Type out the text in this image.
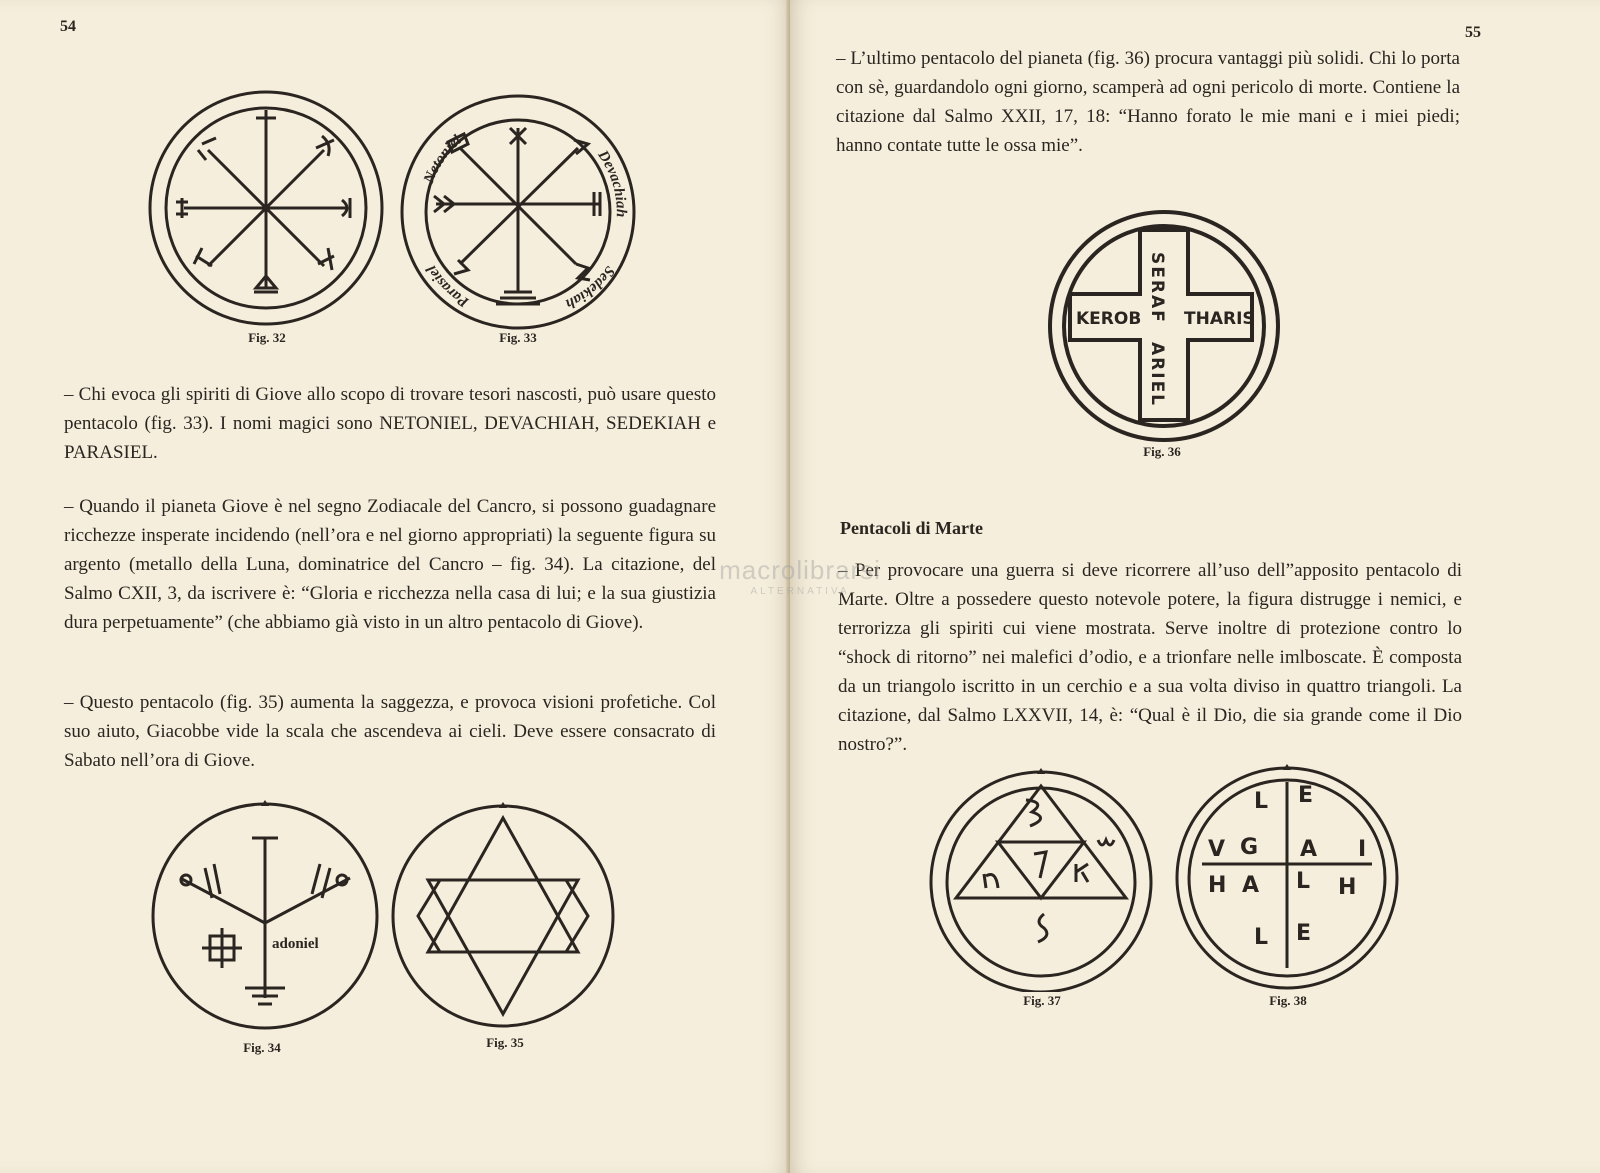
54
Fig. 32
Netoniel
Devachiah
Sedekiah
Parasiel
Fig. 33

– Chi evoca gli spiriti di Giove allo scopo di trovare tesori nascosti, può usare questo pentacolo (fig. 33). I nomi magici sono NETONIEL, DEVACHIAH, SEDEKIAH e PARASIEL.

– Quando il pianeta Giove è nel segno Zodiacale del Cancro, si possono guadagnare ricchezze insperate incidendo (nell’ora e nel giorno appropriati) la seguente figura su argento (metallo della Luna, dominatrice del Cancro – fig. 34). La citazione, del Salmo CXII, 3, da iscrivere è: “Gloria e ricchezza nella casa di lui; e la sua giustizia dura perpetuamente” (che abbiamo già visto in un altro pentacolo di Giove).

– Questo pentacolo (fig. 35) aumenta la saggezza, e provoca visioni profetiche. Col suo aiuto, Giacobbe vide la scala che ascendeva ai cieli. Deve essere consacrato di Sabato nell’ora di Giove.

adoniel
Fig. 34	Fig. 35
55

– L’ultimo pentacolo del pianeta (fig. 36) procura vantaggi più solidi. Chi lo porta con sè, guardandolo ogni giorno, scamperà ad ogni pericolo di morte. Contiene la citazione dal Salmo XXII, 17, 18: “Hanno forato le mie mani e i miei piedi; hanno contate tutte le ossa mie”.

KEROB	THARIS
SERAF
ARIEL
Fig. 36
Pentacoli di Marte

– Per provocare una guerra si deve ricorrere all’uso dell”apposito pentacolo di Marte. Oltre a possedere questo notevole potere, la figura distrugge i nemici, e terrorizza gli spiriti cui viene mostrata. Serve inoltre di protezione contro lo “shock di ritorno” nei malefici d’odio, e a trionfare nelle imlboscate. È composta da un triangolo iscritto in un cerchio e a sua volta diviso in quattro triangoli. La citazione, dal Salmo LXXVII, 14, è: “Qual è il Dio, die sia grande come il Dio nostro?”.

Fig. 37
L E
V G A I
H A L H
L E
Fig. 38
macrolibrarsi
ALTERNATIVA
